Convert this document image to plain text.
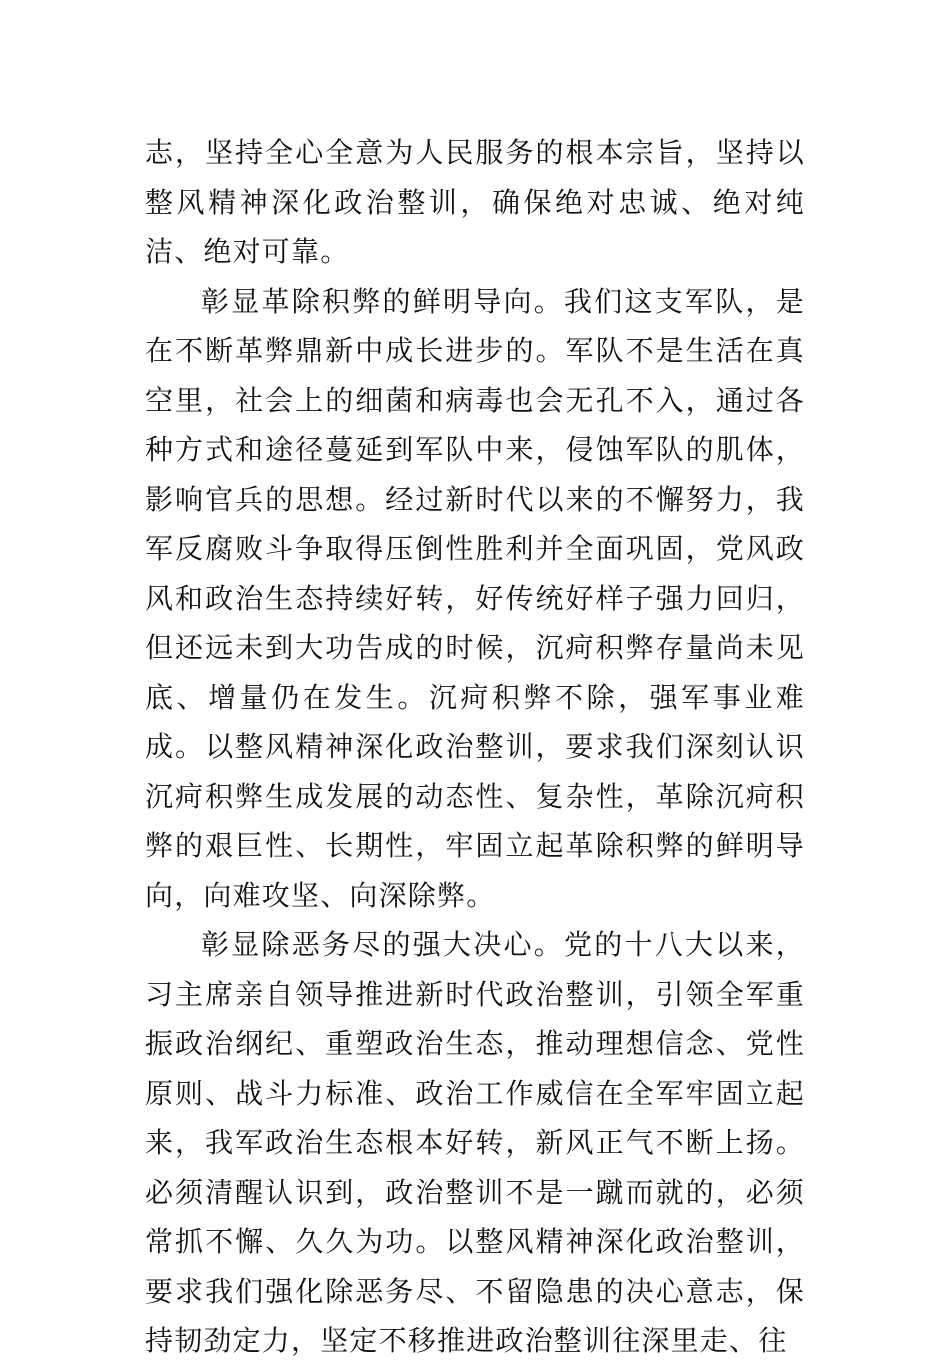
志，坚持全心全意为人民服务的根本宗旨，坚持以整风精神深化政治整训，确保绝对忠诚、绝对纯洁、绝对可靠。

彰显革除积弊的鲜明导向。我们这支军队，是在不断革弊鼎新中成长进步的。军队不是生活在真空里，社会上的细菌和病毒也会无孔不入，通过各种方式和途径蔓延到军队中来，侵蚀军队的肌体，影响官兵的思想。经过新时代以来的不懈努力，我军反腐败斗争取得压倒性胜利并全面巩固，党风政风和政治生态持续好转，好传统好样子强力回归，但还远未到大功告成的时候，沉疴积弊存量尚未见底、增量仍在发生。沉疴积弊不除，强军事业难成。以整风精神深化政治整训，要求我们深刻认识沉疴积弊生成发展的动态性、复杂性，革除沉疴积弊的艰巨性、长期性，牢固立起革除积弊的鲜明导向，向难攻坚、向深除弊。

彰显除恶务尽的强大决心。党的十八大以来，习主席亲自领导推进新时代政治整训，引领全军重振政治纲纪、重塑政治生态，推动理想信念、党性原则、战斗力标准、政治工作威信在全军牢固立起来，我军政治生态根本好转，新风正气不断上扬。必须清醒认识到，政治整训不是一蹴而就的，必须常抓不懈、久久为功。以整风精神深化政治整训，要求我们强化除恶务尽、不留隐患的决心意志，保持韧劲定力，坚定不移推进政治整训往深里走、往
